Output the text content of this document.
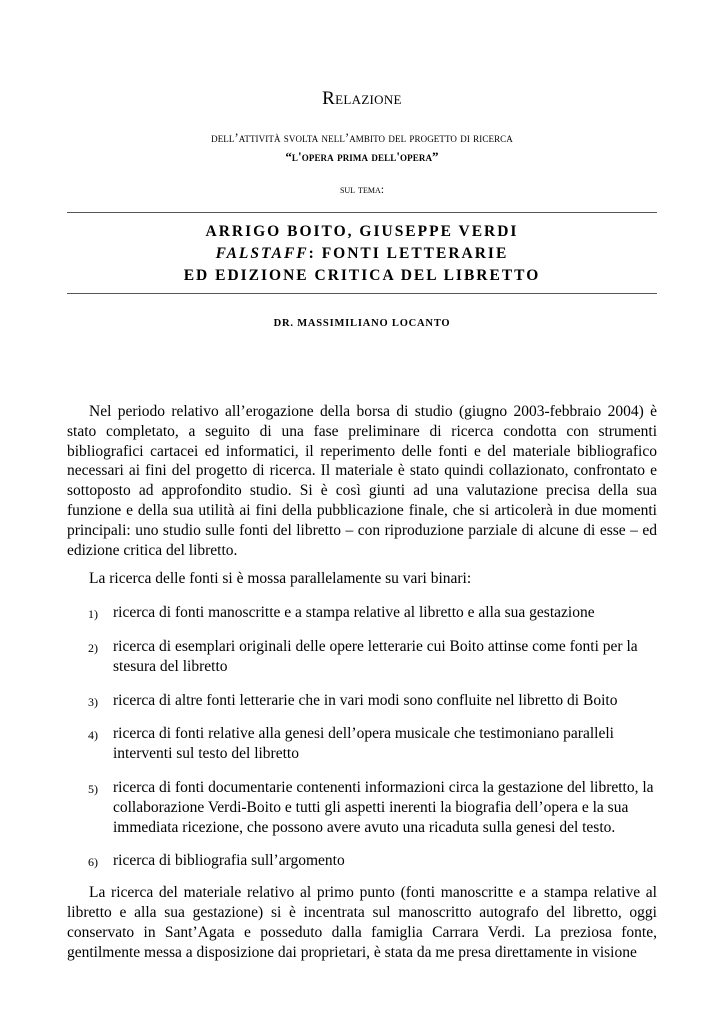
Relazione
dell’attività svolta nell’ambito del progetto di ricerca
“l'opera prima dell'opera”
sul tema:
ARRIGO BOITO, GIUSEPPE VERDI
FALSTAFF: FONTI LETTERARIE
ED EDIZIONE CRITICA DEL LIBRETTO
DR. MASSIMILIANO LOCANTO

Nel periodo relativo all’erogazione della borsa di studio (giugno 2003-febbraio 2004) è stato completato, a seguito di una fase preliminare di ricerca condotta con strumenti bibliografici cartacei ed informatici, il reperimento delle fonti e del materiale bibliografico necessari ai fini del progetto di ricerca. Il materiale è stato quindi collazionato, confrontato e sottoposto ad approfondito studio. Si è così giunti ad una valutazione precisa della sua funzione e della sua utilità ai fini della pubblicazione finale, che si articolerà in due momenti principali: uno studio sulle fonti del libretto – con riproduzione parziale di alcune di esse – ed edizione critica del libretto.

La ricerca delle fonti si è mossa parallelamente su vari binari:

1) ricerca di fonti manoscritte e a stampa relative al libretto e alla sua gestazione
2) ricerca di esemplari originali delle opere letterarie cui Boito attinse come fonti per la stesura del libretto
3) ricerca di altre fonti letterarie che in vari modi sono confluite nel libretto di Boito
4) ricerca di fonti relative alla genesi dell’opera musicale che testimoniano paralleli interventi sul testo del libretto
5) ricerca di fonti documentarie contenenti informazioni circa la gestazione del libretto, la collaborazione Verdi-Boito e tutti gli aspetti inerenti la biografia dell’opera e la sua immediata ricezione, che possono avere avuto una ricaduta sulla genesi del testo.
6) ricerca di bibliografia sull’argomento

La ricerca del materiale relativo al primo punto (fonti manoscritte e a stampa relative al libretto e alla sua gestazione) si è incentrata sul manoscritto autografo del libretto, oggi conservato in Sant’Agata e posseduto dalla famiglia Carrara Verdi. La preziosa fonte, gentilmente messa a disposizione dai proprietari, è stata da me presa direttamente in visione
